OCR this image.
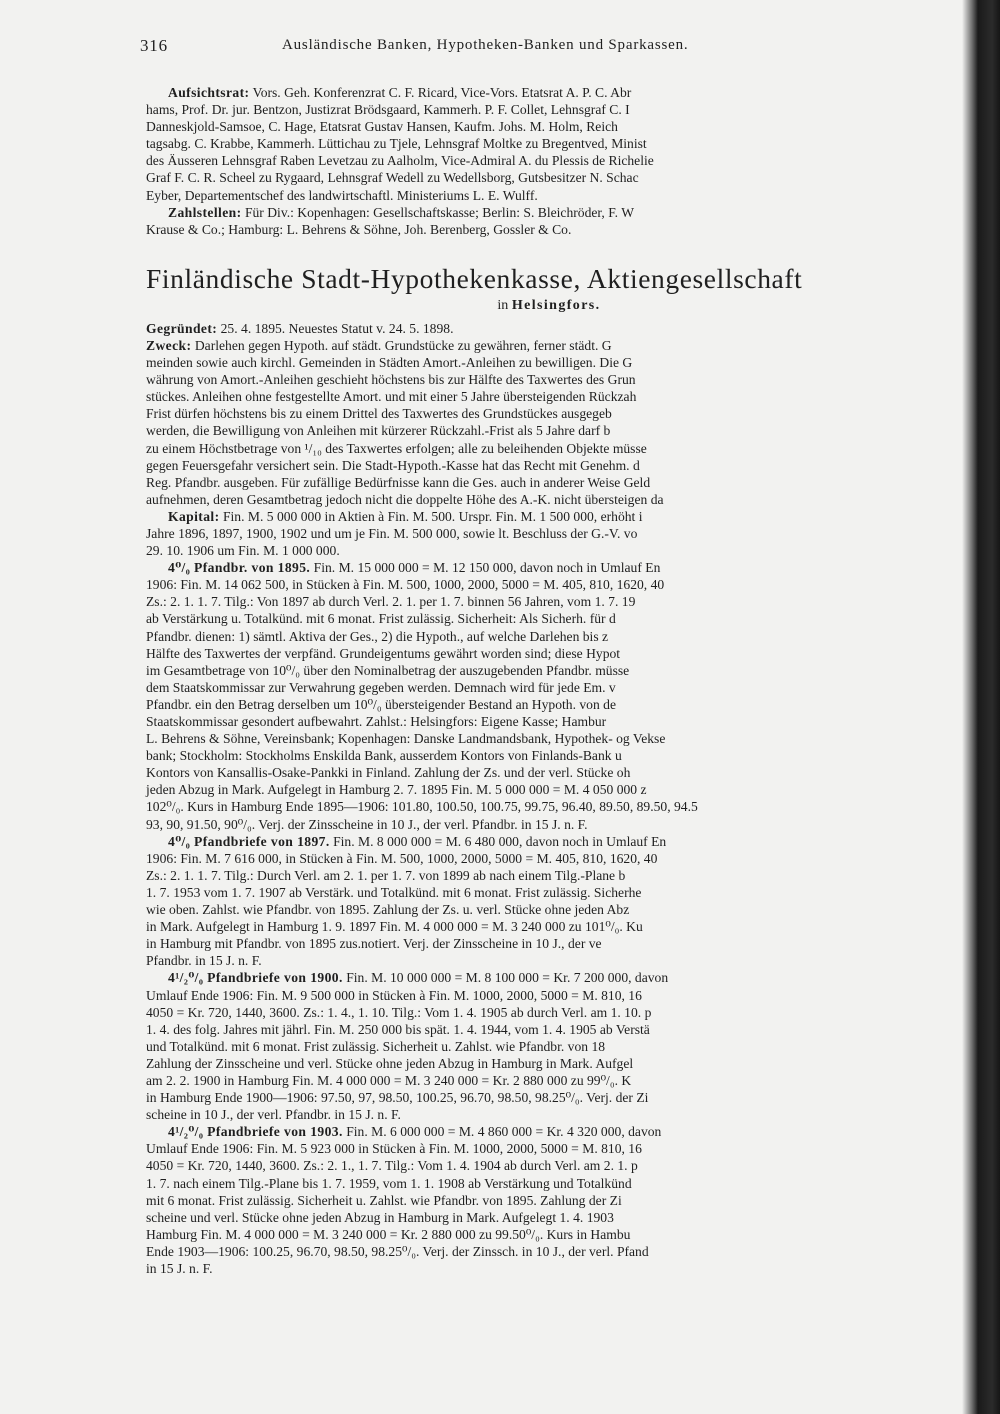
316	Ausländische Banken, Hypotheken-Banken und Sparkassen.

Aufsichtsrat: Vors. Geh. Konferenzrat C. F. Ricard, Vice-Vors. Etatsrat A. P. C. Abr

hams, Prof. Dr. jur. Bentzon, Justizrat Brödsgaard, Kammerh. P. F. Collet, Lehnsgraf C. I

Danneskjold-Samsoe, C. Hage, Etatsrat Gustav Hansen, Kaufm. Johs. M. Holm, Reich

tagsabg. C. Krabbe, Kammerh. Lüttichau zu Tjele, Lehnsgraf Moltke zu Bregentved, Minist

des Äusseren Lehnsgraf Raben Levetzau zu Aalholm, Vice-Admiral A. du Plessis de Richelie

Graf F. C. R. Scheel zu Rygaard, Lehnsgraf Wedell zu Wedellsborg, Gutsbesitzer N. Schac

Eyber, Departementschef des landwirtschaftl. Ministeriums L. E. Wulff.

Zahlstellen: Für Div.: Kopenhagen: Gesellschaftskasse; Berlin: S. Bleichröder, F. W

Krause & Co.; Hamburg: L. Behrens & Söhne, Joh. Berenberg, Gossler & Co.

Finländische Stadt-Hypothekenkasse, Aktiengesellschaft
in Helsingfors.

Gegründet: 25. 4. 1895. Neuestes Statut v. 24. 5. 1898.

Zweck: Darlehen gegen Hypoth. auf städt. Grundstücke zu gewähren, ferner städt. G

meinden sowie auch kirchl. Gemeinden in Städten Amort.-Anleihen zu bewilligen. Die G

währung von Amort.-Anleihen geschieht höchstens bis zur Hälfte des Taxwertes des Grun

stückes. Anleihen ohne festgestellte Amort. und mit einer 5 Jahre übersteigenden Rückzah

Frist dürfen höchstens bis zu einem Drittel des Taxwertes des Grundstückes ausgegeb

werden, die Bewilligung von Anleihen mit kürzerer Rückzahl.-Frist als 5 Jahre darf b

zu einem Höchstbetrage von ¹/₁₀ des Taxwertes erfolgen; alle zu beleihenden Objekte müsse

gegen Feuersgefahr versichert sein. Die Stadt-Hypoth.-Kasse hat das Recht mit Genehm. d

Reg. Pfandbr. ausgeben. Für zufällige Bedürfnisse kann die Ges. auch in anderer Weise Geld

aufnehmen, deren Gesamtbetrag jedoch nicht die doppelte Höhe des A.-K. nicht übersteigen da

Kapital: Fin. M. 5 000 000 in Aktien à Fin. M. 500. Urspr. Fin. M. 1 500 000, erhöht i

Jahre 1896, 1897, 1900, 1902 und um je Fin. M. 500 000, sowie lt. Beschluss der G.-V. vo

29. 10. 1906 um Fin. M. 1 000 000.

4⁰/₀ Pfandbr. von 1895. Fin. M. 15 000 000 = M. 12 150 000, davon noch in Umlauf En

1906: Fin. M. 14 062 500, in Stücken à Fin. M. 500, 1000, 2000, 5000 = M. 405, 810, 1620, 40

Zs.: 2. 1. 1. 7. Tilg.: Von 1897 ab durch Verl. 2. 1. per 1. 7. binnen 56 Jahren, vom 1. 7. 19

ab Verstärkung u. Totalkünd. mit 6 monat. Frist zulässig. Sicherheit: Als Sicherh. für d

Pfandbr. dienen: 1) sämtl. Aktiva der Ges., 2) die Hypoth., auf welche Darlehen bis z

Hälfte des Taxwertes der verpfänd. Grundeigentums gewährt worden sind; diese Hypot

im Gesamtbetrage von 10⁰/₀ über den Nominalbetrag der auszugebenden Pfandbr. müsse

dem Staatskommissar zur Verwahrung gegeben werden. Demnach wird für jede Em. v

Pfandbr. ein den Betrag derselben um 10⁰/₀ übersteigender Bestand an Hypoth. von de

Staatskommissar gesondert aufbewahrt. Zahlst.: Helsingfors: Eigene Kasse; Hambur

L. Behrens & Söhne, Vereinsbank; Kopenhagen: Danske Landmandsbank, Hypothek- og Vekse

bank; Stockholm: Stockholms Enskilda Bank, ausserdem Kontors von Finlands-Bank u

Kontors von Kansallis-Osake-Pankki in Finland. Zahlung der Zs. und der verl. Stücke oh

jeden Abzug in Mark. Aufgelegt in Hamburg 2. 7. 1895 Fin. M. 5 000 000 = M. 4 050 000 z

102⁰/₀. Kurs in Hamburg Ende 1895—1906: 101.80, 100.50, 100.75, 99.75, 96.40, 89.50, 89.50, 94.5

93, 90, 91.50, 90⁰/₀. Verj. der Zinsscheine in 10 J., der verl. Pfandbr. in 15 J. n. F.

4⁰/₀ Pfandbriefe von 1897. Fin. M. 8 000 000 = M. 6 480 000, davon noch in Umlauf En

1906: Fin. M. 7 616 000, in Stücken à Fin. M. 500, 1000, 2000, 5000 = M. 405, 810, 1620, 40

Zs.: 2. 1. 1. 7. Tilg.: Durch Verl. am 2. 1. per 1. 7. von 1899 ab nach einem Tilg.-Plane b

1. 7. 1953 vom 1. 7. 1907 ab Verstärk. und Totalkünd. mit 6 monat. Frist zulässig. Sicherhe

wie oben. Zahlst. wie Pfandbr. von 1895. Zahlung der Zs. u. verl. Stücke ohne jeden Abz

in Mark. Aufgelegt in Hamburg 1. 9. 1897 Fin. M. 4 000 000 = M. 3 240 000 zu 101⁰/₀. Ku

in Hamburg mit Pfandbr. von 1895 zus.notiert. Verj. der Zinsscheine in 10 J., der ve

Pfandbr. in 15 J. n. F.

4¹/₂⁰/₀ Pfandbriefe von 1900. Fin. M. 10 000 000 = M. 8 100 000 = Kr. 7 200 000, davon

Umlauf Ende 1906: Fin. M. 9 500 000 in Stücken à Fin. M. 1000, 2000, 5000 = M. 810, 16

4050 = Kr. 720, 1440, 3600. Zs.: 1. 4., 1. 10. Tilg.: Vom 1. 4. 1905 ab durch Verl. am 1. 10. p

1. 4. des folg. Jahres mit jährl. Fin. M. 250 000 bis spät. 1. 4. 1944, vom 1. 4. 1905 ab Verstä

und Totalkünd. mit 6 monat. Frist zulässig. Sicherheit u. Zahlst. wie Pfandbr. von 18

Zahlung der Zinsscheine und verl. Stücke ohne jeden Abzug in Hamburg in Mark. Aufgel

am 2. 2. 1900 in Hamburg Fin. M. 4 000 000 = M. 3 240 000 = Kr. 2 880 000 zu 99⁰/₀. K

in Hamburg Ende 1900—1906: 97.50, 97, 98.50, 100.25, 96.70, 98.50, 98.25⁰/₀. Verj. der Zi

scheine in 10 J., der verl. Pfandbr. in 15 J. n. F.

4¹/₂⁰/₀ Pfandbriefe von 1903. Fin. M. 6 000 000 = M. 4 860 000 = Kr. 4 320 000, davon

Umlauf Ende 1906: Fin. M. 5 923 000 in Stücken à Fin. M. 1000, 2000, 5000 = M. 810, 16

4050 = Kr. 720, 1440, 3600. Zs.: 2. 1., 1. 7. Tilg.: Vom 1. 4. 1904 ab durch Verl. am 2. 1. p

1. 7. nach einem Tilg.-Plane bis 1. 7. 1959, vom 1. 1. 1908 ab Verstärkung und Totalkünd

mit 6 monat. Frist zulässig. Sicherheit u. Zahlst. wie Pfandbr. von 1895. Zahlung der Zi

scheine und verl. Stücke ohne jeden Abzug in Hamburg in Mark. Aufgelegt 1. 4. 1903

Hamburg Fin. M. 4 000 000 = M. 3 240 000 = Kr. 2 880 000 zu 99.50⁰/₀. Kurs in Hambu

Ende 1903—1906: 100.25, 96.70, 98.50, 98.25⁰/₀. Verj. der Zinssch. in 10 J., der verl. Pfand

in 15 J. n. F.
